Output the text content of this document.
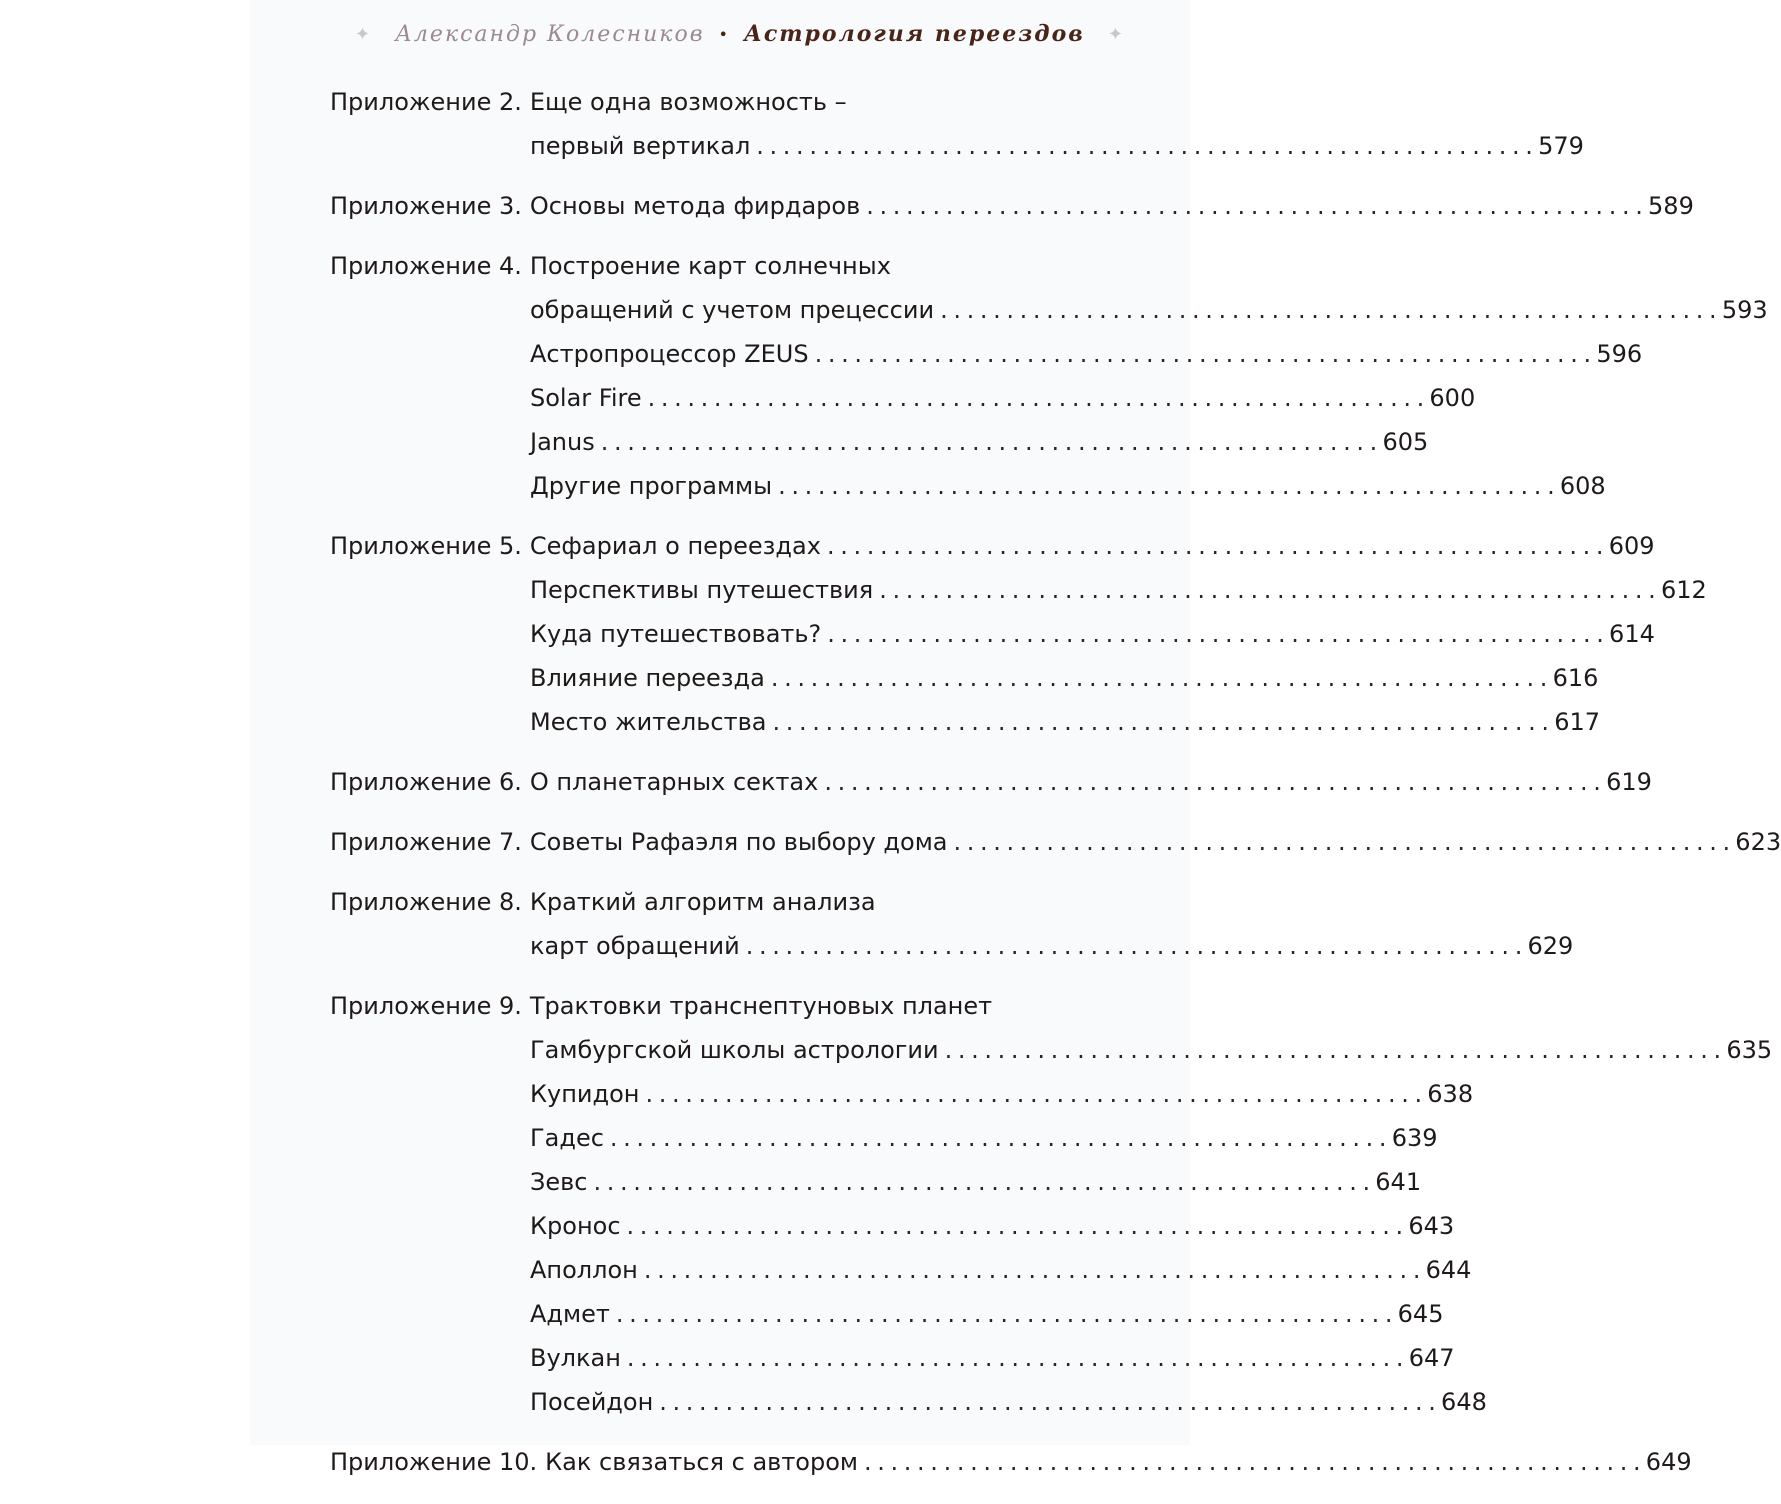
✦ Александр Колесников • Астрология переездов ✦
Приложение 2. Еще одна возможность –
первый вертикал . . .	579
Приложение 3. Основы метода фирдаров . . .	589
Приложение 4. Построение карт солнечных
обращений с учетом прецессии . . .	593
Астропроцессор ZEUS . . .	596
Solar Fire . . .	600
Janus . . .	605
Другие программы . . .	608
Приложение 5. Сефариал о переездах . . .	609
Перспективы путешествия . . .	612
Куда путешествовать? . . .	614
Влияние переезда . . .	616
Место жительства . . .	617
Приложение 6. О планетарных сектах . . .	619
Приложение 7. Советы Рафаэля по выбору дома . . .	623
Приложение 8. Краткий алгоритм анализа
карт обращений . . .	629
Приложение 9. Трактовки транснептуновых планет
Гамбургской школы астрологии . . .	635
Купидон . . .	638
Гадес . . .	639
Зевс . . .	641
Кронос . . .	643
Аполлон . . .	644
Адмет . . .	645
Вулкан . . .	647
Посейдон . . .	648
Приложение 10. Как связаться с автором . . .	649
